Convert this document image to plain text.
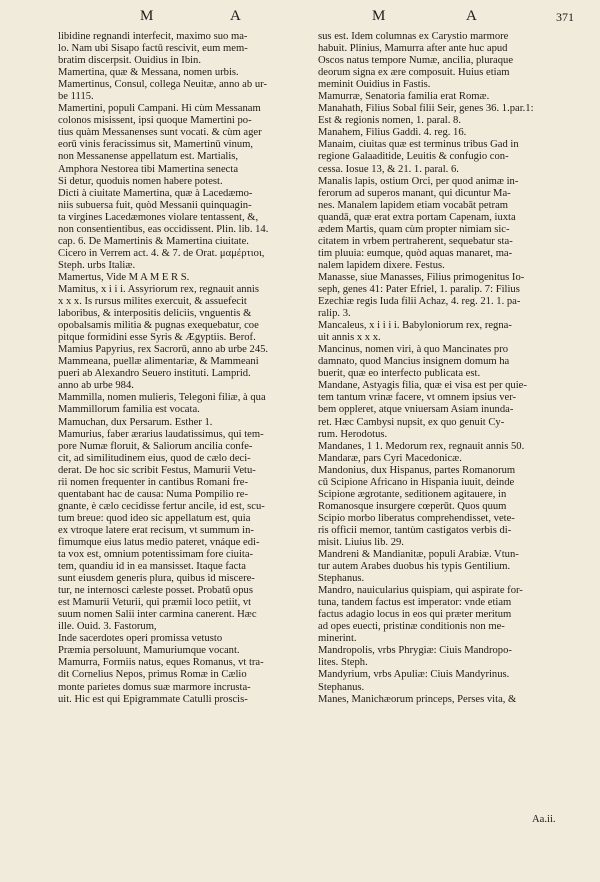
M	A	M	A	371
libidine regnandi interfecit, maximo suo ma-
lo. Nam ubi Sisapo factū rescivit, eum mem-
bratim discerpsit. Ouidius in Ibin.
Mamertina, quæ & Messana, nomen urbis.
Mamertinus, Consul, collega Neuitæ, anno ab ur-
be 1115.
Mamertini, populi Campani. Hi cùm Messanam
colonos misissent, ipsi quoque Mamertini po-
tius quàm Messanenses sunt vocati. & cùm ager
eorū vinis feracissimus sit, Mamertinū vinum,
non Messanense appellatum est. Martialis,
Amphora Nestorea tibi Mamertina senecta
Si detur, quoduis nomen habere potest.
Dicti à ciuitate Mamertina, quæ à Lacedæmo-
niis subuersa fuit, quòd Messanii quinquagin-
ta virgines Lacedæmones violare tentassent, &,
non consentientibus, eas occidissent. Plin. lib. 14.
cap. 6. De Mamertinis & Mamertina ciuitate.
Cicero in Verrem act. 4. & 7. de Orat. μαμέρτιοι,
Steph. urbs Italiæ.
Mamertus, Vide M A M E R S.
Mamitus, x i i i. Assyriorum rex, regnauit annis
x x x. Is rursus milites exercuit, & assuefecit
laboribus, & interpositis deliciis, vnguentis &
opobalsamis militia & pugnas exequebatur, coe
pitque formidini esse Syris & Ægyptiis. Berof.
Mamius Papyrius, rex Sacrorū, anno ab urbe 245.
Mammeana, puellæ alimentariæ, & Mammeani
pueri ab Alexandro Seuero instituti. Lamprid.
anno ab urbe 984.
Mammilla, nomen mulieris, Telegoni filiæ, à qua
Mammillorum familia est vocata.
Mamuchan, dux Persarum. Esther 1.
Mamurius, faber ærarius laudatissimus, qui tem-
pore Numæ floruit, & Saliorum ancilia confe-
cit, ad similitudinem eius, quod de cælo deci-
derat. De hoc sic scribit Festus, Mamurii Vetu-
rii nomen frequenter in cantibus Romani fre-
quentabant hac de causa: Numa Pompilio re-
gnante, è cælo cecidisse fertur ancile, id est, scu-
tum breue: quod ideo sic appellatum est, quia
ex vtroque latere erat recisum, vt summum in-
fimumque eius latus medio pateret, vnáque edi-
ta vox est, omnium potentissimam fore ciuita-
tem, quandiu id in ea mansisset. Itaque facta
sunt eiusdem generis plura, quibus id miscere-
tur, ne internosci cæleste posset. Probatū opus
est Mamurii Veturii, qui præmii loco petiit, vt
suum nomen Salii inter carmina canerent. Hæc
ille. Ouid. 3. Fastorum,
Inde sacerdotes operi promissa vetusto
Præmia persoluunt, Mamuriumque vocant.
Mamurra, Formiis natus, eques Romanus, vt tra-
dit Cornelius Nepos, primus Romæ in Cælio
monte parietes domus suæ marmore incrusta-
uit. Hic est qui Epigrammate Catulli proscis-
sus est. Idem columnas ex Carystio marmore
habuit. Plinius, Mamurra after ante huc apud
Oscos natus tempore Numæ, ancilia, pluraque
deorum signa ex ære composuit. Huius etiam
meminit Ouidius in Fastis.
Mamurræ, Senatoria familia erat Romæ.
Manahath, Filius Sobal filii Seir, genes 36. 1.par.1:
Est & regionis nomen, 1. paral. 8.
Manahem, Filius Gaddi. 4. reg. 16.
Manaim, ciuitas quæ est terminus tribus Gad in
regione Galaaditide, Leuitis & confugio con-
cessa. Iosue 13, & 21. 1. paral. 6.
Manalis lapis, ostium Orci, per quod animæ in-
ferorum ad superos manant, qui dicuntur Ma-
nes. Manalem lapidem etiam vocabāt petram
quandā, quæ erat extra portam Capenam, iuxta
ædem Martis, quam cùm propter nimiam sic-
citatem in vrbem pertraherent, sequebatur sta-
tim pluuia: eumque, quòd aquas manaret, ma-
nalem lapidem dixere. Festus.
Manasse, siue Manasses, Filius primogenitus Io-
seph, genes 41: Pater Efriel, 1. paralip. 7: Filius
Ezechiæ regis Iuda filii Achaz, 4. reg. 21. 1. pa-
ralip. 3.
Mancaleus, x i i i i. Babyloniorum rex, regna-
uit annis x x x.
Mancinus, nomen viri, à quo Mancinates pro
damnato, quod Mancius insignem domum ha
buerit, quæ eo interfecto publicata est.
Mandane, Astyagis filia, quæ ei visa est per quie-
tem tantum vrinæ facere, vt omnem ipsius ver-
bem oppleret, atque vniuersam Asiam inunda-
ret. Hæc Cambysi nupsit, ex quo genuit Cy-
rum. Herodotus.
Mandanes, 1 1. Medorum rex, regnauit annis 50.
Mandaræ, pars Cyri Macedonicæ.
Mandonius, dux Hispanus, partes Romanorum
cū Scipione Africano in Hispania iuuit, deinde
Scipione ægrotante, seditionem agitauere, in
Romanosque insurgere cœperūt. Quos quum
Scipio morbo liberatus comprehendisset, vete-
ris officii memor, tantùm castigatos verbis di-
misit. Liuius lib. 29.
Mandreni & Mandianitæ, populi Arabiæ. Vtun-
tur autem Arabes duobus his typis Gentilium.
Stephanus.
Mandro, nauicularius quispiam, qui aspirate for-
tuna, tandem factus est imperator: vnde etiam
factus adagio locus in eos qui præter meritum
ad opes euecti, pristinæ conditionis non me-
minerint.
Mandropolis, vrbs Phrygiæ: Ciuis Mandropo-
lites. Steph.
Mandyrium, vrbs Apuliæ: Ciuis Mandyrinus.
Stephanus.
Manes, Manichæorum princeps, Perses vita, &
Aa.ii.
